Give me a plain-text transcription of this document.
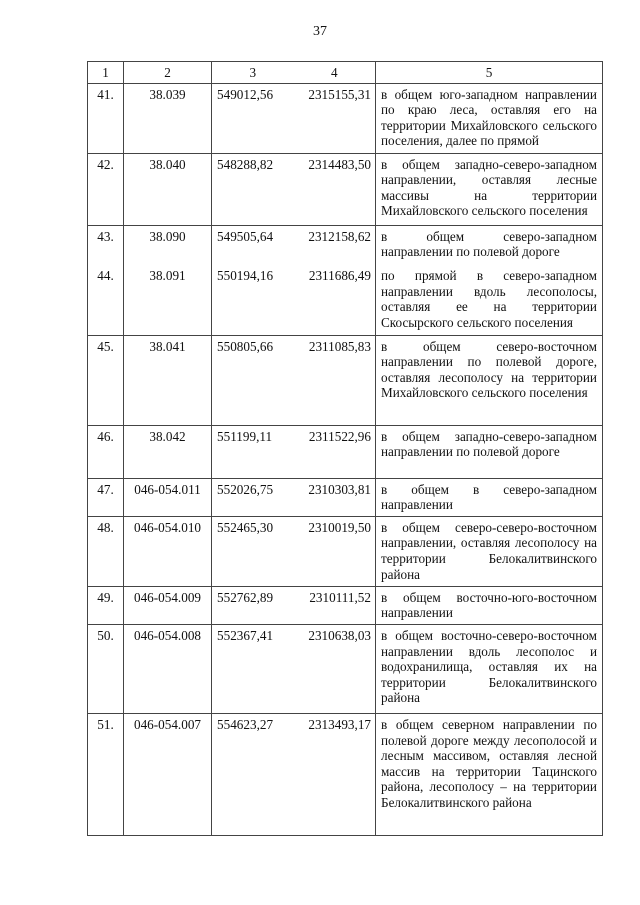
37
1	2	3 4	5
41.	38.039	549012,56 2315155,31	в общем юго-западном направлении по краю леса, оставляя его на территории Михайловского сельского поселения, далее по прямой
42.	38.040	548288,82 2314483,50	в общем западно-северо-западном направлении, оставляя лесные массивы на территории Михайловского сельского поселения
43.	38.090	549505,64 2312158,62	в общем северо-западном направлении по полевой дороге
44.	38.091	550194,16 2311686,49	по прямой в северо-западном направлении вдоль лесополосы, оставляя ее на территории Скосырского сельского поселения
45.	38.041	550805,66 2311085,83	в общем северо-восточном направлении по полевой дороге, оставляя лесополосу на территории Михайловского сельского поселения
46.	38.042	551199,11 2311522,96	в общем западно-северо-западном направлении по полевой дороге
47.	046-054.011	552026,75 2310303,81	в общем в северо-западном направлении
48.	046-054.010	552465,30 2310019,50	в общем северо-северо-восточном направлении, оставляя лесополосу на территории Белокалитвинского района
49.	046-054.009	552762,89 2310111,52	в общем восточно-юго-восточном направлении
50.	046-054.008	552367,41 2310638,03	в общем восточно-северо-восточном направлении вдоль лесополос и водохранилища, оставляя их на территории Белокалитвинского района
51.	046-054.007	554623,27 2313493,17	в общем северном направлении по полевой дороге между лесополосой и лесным массивом, оставляя лесной массив на территории Тацинского района, лесополосу – на территории Белокалитвинского района
